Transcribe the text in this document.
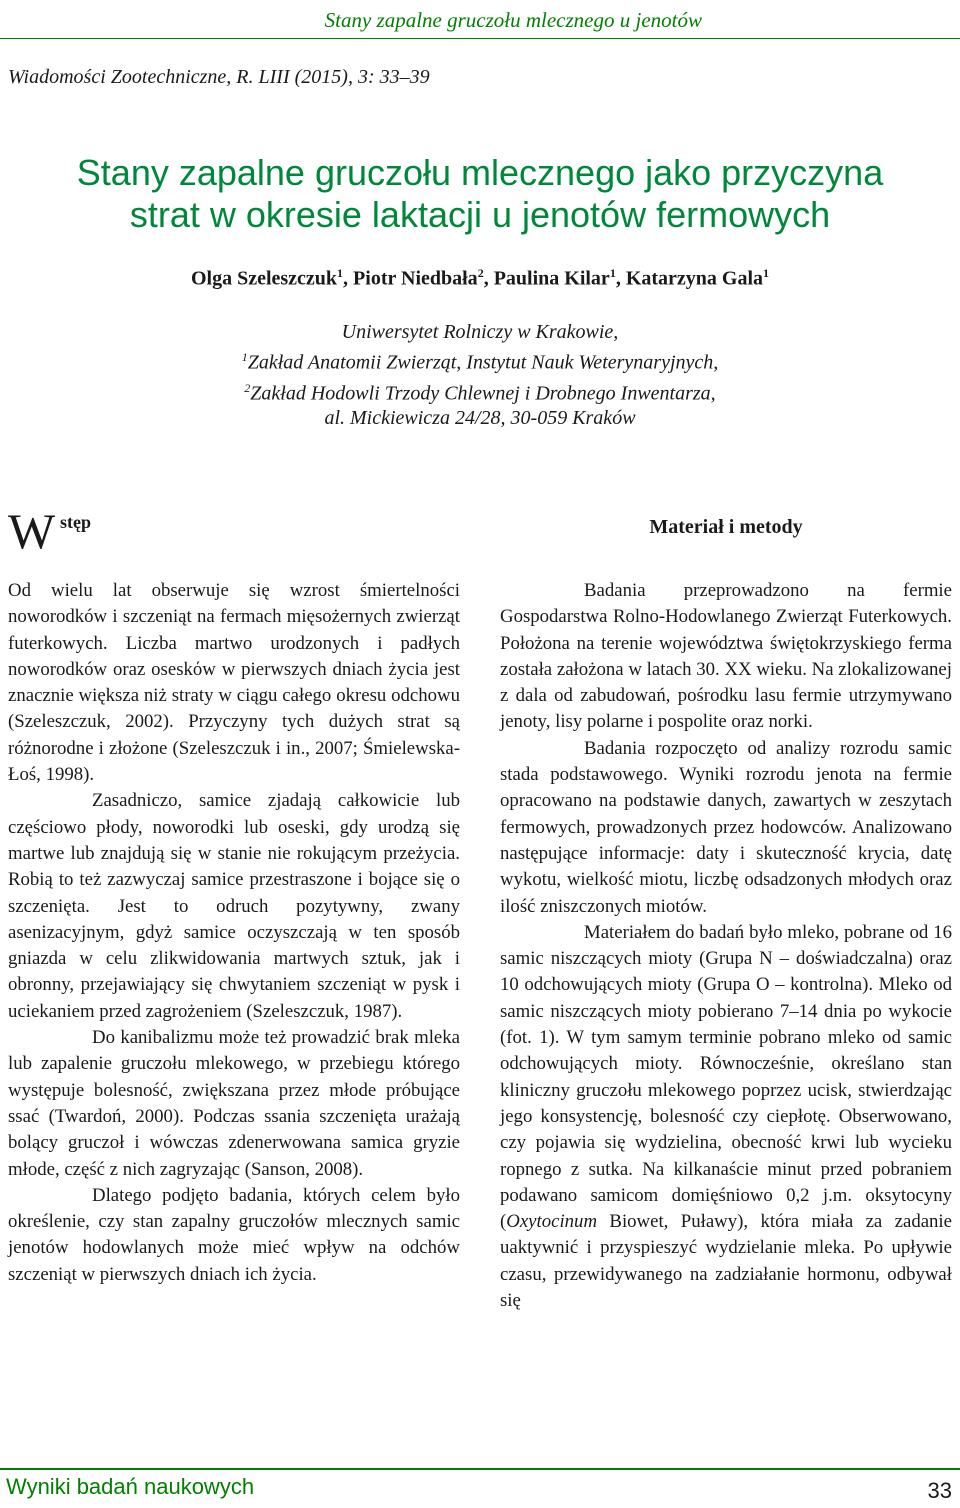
Stany zapalne gruczołu mlecznego u jenotów
Wiadomości Zootechniczne, R. LIII (2015), 3: 33–39
Stany zapalne gruczołu mlecznego jako przyczyna
strat w okresie laktacji u jenotów fermowych
Olga Szeleszczuk$^1$, Piotr Niedbała$^2$, Paulina Kilar$^1$, Katarzyna Gala$^1$
Uniwersytet Rolniczy w Krakowie,
$^1$Zakład Anatomii Zwierząt, Instytut Nauk Weterynaryjnych,
$^2$Zakład Hodowli Trzody Chlewnej i Drobnego Inwentarza,
al. Mickiewicza 24/28, 30-059 Kraków
W stęp

Od wielu lat obserwuje się wzrost śmiertelności noworodków i szczeniąt na fermach mięsożernych zwierząt futerkowych. Liczba martwo urodzonych i padłych noworodków oraz oseskόw w pierwszych dniach życia jest znacznie większa niż straty w ciągu całego okresu odchowu (Szeleszczuk, 2002). Przyczyny tych dużych strat są różnorodne i złożone (Szeleszczuk i in., 2007; Śmielewska-Łoś, 1998).

Zasadniczo, samice zjadają całkowicie lub częściowo płody, noworodki lub oseski, gdy urodzą się martwe lub znajdują się w stanie nie rokującym przeżycia. Robią to też zazwyczaj samice przestraszone i bojące się o szczenięta. Jest to odruch pozytywny, zwany asenizacyjnym, gdyż samice oczyszczają w ten sposób gniazda w celu zlikwidowania martwych sztuk, jak i obronny, przejawiający się chwytaniem szczeniąt w pysk i uciekaniem przed zagrożeniem (Szeleszczuk, 1987).

Do kanibalizmu może też prowadzić brak mleka lub zapalenie gruczołu mlekowego, w przebiegu którego występuje bolesność, zwiększana przez młode próbujące ssać (Twardoń, 2000). Podczas ssania szczenięta urażają bolący gruczoł i wówczas zdenerwowana samica gryzie młode, część z nich zagryzając (Sanson, 2008).

Dlatego podjęto badania, których celem było określenie, czy stan zapalny gruczołów mlecznych samic jenotów hodowlanych może mieć wpływ na odchów szczeniąt w pierwszych dniach ich życia.

Materiał i metody

Badania przeprowadzono na fermie Gospodarstwa Rolno-Hodowlanego Zwierząt Futerkowych. Położona na terenie województwa świętokrzyskiego ferma została założona w latach 30. XX wieku. Na zlokalizowanej z dala od zabudowań, pośrodku lasu fermie utrzymywano jenoty, lisy polarne i pospolite oraz norki.

Badania rozpoczęto od analizy rozrodu samic stada podstawowego. Wyniki rozrodu jenota na fermie opracowano na podstawie danych, zawartych w zeszytach fermowych, prowadzonych przez hodowców. Analizowano następujące informacje: daty i skuteczność krycia, datę wykotu, wielkość miotu, liczbę odsadzonych młodych oraz ilość zniszczonych miotów.

Materiałem do badań było mleko, pobrane od 16 samic niszczących mioty (Grupa N – doświadczalna) oraz 10 odchowujących mioty (Grupa O – kontrolna). Mleko od samic niszczących mioty pobierano 7–14 dnia po wykocie (fot. 1). W tym samym terminie pobrano mleko od samic odchowujących mioty. Równocześnie, określano stan kliniczny gruczołu mlekowego poprzez ucisk, stwierdzając jego konsystencję, bolesność czy ciepłotę. Obserwowano, czy pojawia się wydzielina, obecność krwi lub wycieku ropnego z sutka. Na kilkanaście minut przed pobraniem podawano samicom domięśniowo 0,2 j.m. oksytocyny (Oxytocinum Biowet, Puławy), która miała za zadanie uaktywnić i przyspieszyć wydzielanie mleka. Po upływie czasu, przewidywanego na zadziałanie hormonu, odbywał się

Wyniki badań naukowych	33
